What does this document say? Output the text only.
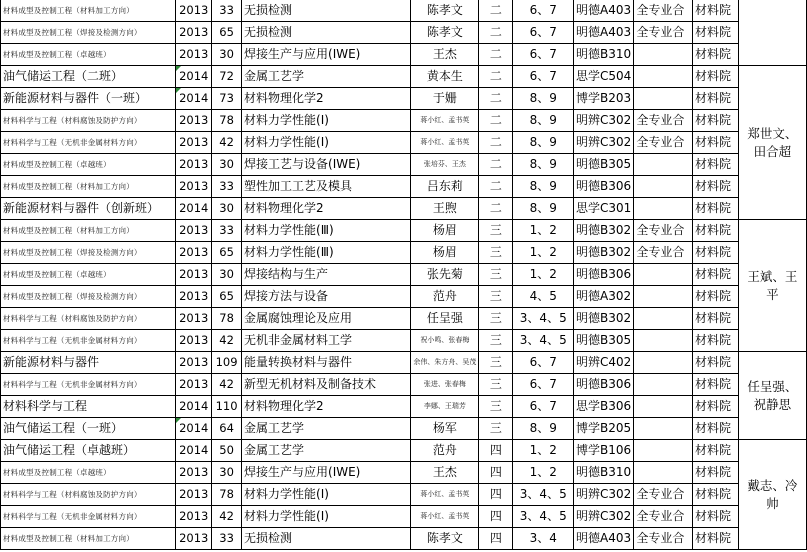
材料成型及控制工程（材料加工方向）	2013	33	无损检测	陈孝文	二	6、7	明德A403	全专业合	材料院	
材料成型及控制工程（焊接及检测方向）	2013	65	无损检测	陈孝文	二	6、7	明德A403	全专业合	材料院	
材料成型及控制工程（卓越班）	2013	30	焊接生产与应用(IWE)	王杰	二	6、7	明德B310		材料院	
油气储运工程（二班）	2014	72	金属工艺学	黄本生	二	6、7	思学C504		材料院	郑世文、田合超
新能源材料与器件（一班）	2014	73	材料物理化学2	于姗	二	8、9	博学B203		材料院	
材料科学与工程（材料腐蚀及防护方向）	2013	78	材料力学性能(Ⅰ)	蒋小红、孟书英	二	8、9	明辨C302	全专业合	材料院	
材料科学与工程（无机非金属材料方向）	2013	42	材料力学性能(Ⅰ)	蒋小红、孟书英	二	8、9	明辨C302	全专业合	材料院	
材料成型及控制工程（卓越班）	2013	30	焊接工艺与设备(IWE)	张培芬、王杰	二	8、9	明德B305		材料院	
材料成型及控制工程（材料加工方向）	2013	33	塑性加工工艺及模具	吕东莉	二	8、9	明德B306		材料院	
新能源材料与器件（创新班）	2014	30	材料物理化学2	王煦	二	8、9	思学C301		材料院	
材料成型及控制工程（材料加工方向）	2013	33	材料力学性能(Ⅲ)	杨眉	三	1、2	明德B302	全专业合	材料院	王斌、王平
材料成型及控制工程（焊接及检测方向）	2013	65	材料力学性能(Ⅲ)	杨眉	三	1、2	明德B302	全专业合	材料院	
材料成型及控制工程（卓越班）	2013	30	焊接结构与生产	张先菊	三	1、2	明德B306		材料院	
材料成型及控制工程（焊接及检测方向）	2013	65	焊接方法与设备	范舟	三	4、5	明德A302		材料院	
材料科学与工程（材料腐蚀及防护方向）	2013	78	金属腐蚀理论及应用	任呈强	三	3、4、5	明德B302		材料院	
材料科学与工程（无机非金属材料方向）	2013	42	无机非金属材料工学	祝小鸣、张春梅	三	3、4、5	明德B305		材料院	
新能源材料与器件	2013	109	能量转换材料与器件	余伟、朱方舟、吴茂	三	6、7	明辨C402		材料院	任呈强、祝静思
材料科学与工程（无机非金属材料方向）	2013	42	新型无机材料及制备技术	张进、张春梅	三	6、7	明德B306		材料院	
材料科学与工程	2014	110	材料物理化学2	李娜、王瑞芳	三	6、7	思学B306		材料院	
油气储运工程（一班）	2014	64	金属工艺学	杨军	三	8、9	博学B205		材料院	
油气储运工程（卓越班）	2014	50	金属工艺学	范舟	四	1、2	博学B106		材料院	戴志、冷帅
材料成型及控制工程（卓越班）	2013	30	焊接生产与应用(IWE)	王杰	四	1、2	明德B310		材料院	
材料科学与工程（材料腐蚀及防护方向）	2013	78	材料力学性能(Ⅰ)	蒋小红、孟书英	四	3、4、5	明辨C302	全专业合	材料院	
材料科学与工程（无机非金属材料方向）	2013	42	材料力学性能(Ⅰ)	蒋小红、孟书英	四	3、4、5	明辨C302	全专业合	材料院	
材料成型及控制工程（材料加工方向）	2013	33	无损检测	陈孝文	四	3、4	明德A403	全专业合	材料院	
